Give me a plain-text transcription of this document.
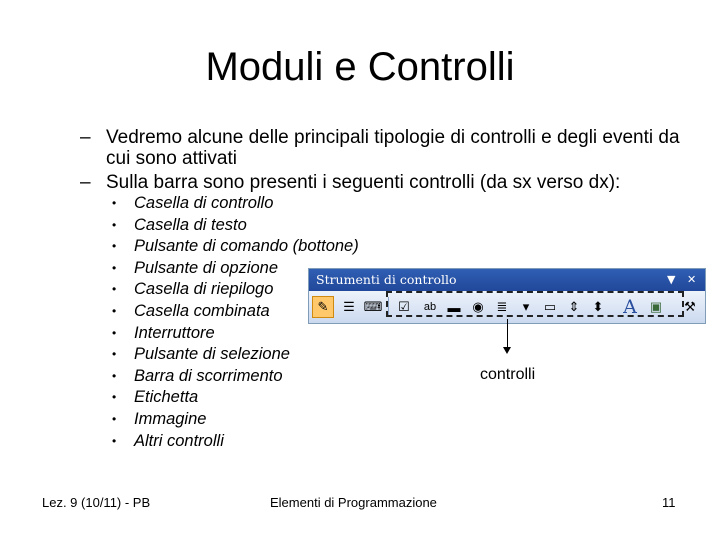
Moduli e Controlli
– Vedremo alcune delle principali tipologie di controlli e degli eventi da cui sono attivati
– Sulla barra sono presenti i seguenti controlli (da sx verso dx):
• Casella di controllo
• Casella di testo
• Pulsante di comando (bottone)
• Pulsante di opzione
• Casella di riepilogo
• Casella combinata
• Interruttore
• Pulsante di selezione
• Barra di scorrimento
• Etichetta
• Immagine
• Altri controlli
Strumenti di controllo	▼ ✕
✎	☰ ⌨	☑	ab ▬ ◉ ≣	▾	▭ ⇕	⬍ A ▣	⚒
controlli
Lez. 9 (10/11) - PB	Elementi di Programmazione	11
